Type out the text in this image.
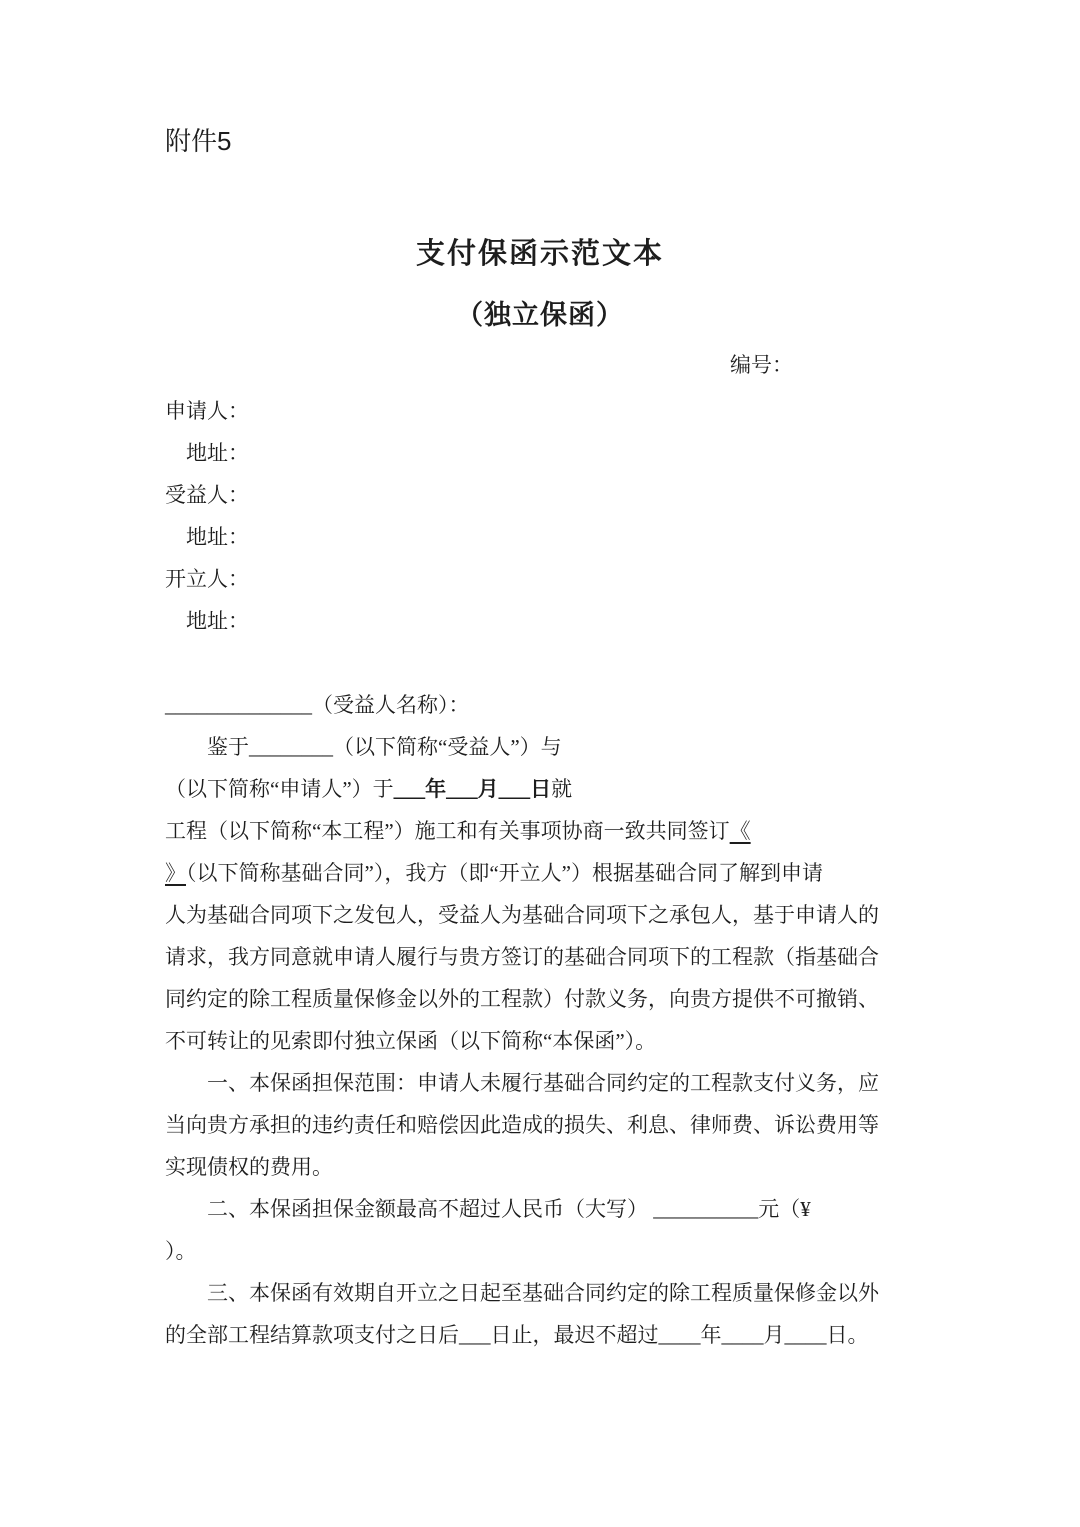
附件5
支付保函示范文本
（独立保函）
编号：
申请人：
地址：
受益人：
地址：
开立人：
地址：
______________（受益人名称）：
鉴于________（以下简称“受益人”）与
（以下简称“申请人”）于___年___月___日就
工程（以下简称“本工程”）施工和有关事项协商一致共同签订《
》（以下简称基础合同”），我方（即“开立人”）根据基础合同了解到申请
人为基础合同项下之发包人，受益人为基础合同项下之承包人，基于申请人的
请求，我方同意就申请人履行与贵方签订的基础合同项下的工程款（指基础合
同约定的除工程质量保修金以外的工程款）付款义务，向贵方提供不可撤销、
不可转让的见索即付独立保函（以下简称“本保函”）。
一、本保函担保范围：申请人未履行基础合同约定的工程款支付义务，应
当向贵方承担的违约责任和赔偿因此造成的损失、利息、律师费、诉讼费用等
实现债权的费用。
二、本保函担保金额最高不超过人民币（大写） __________元（¥
）。
三、本保函有效期自开立之日起至基础合同约定的除工程质量保修金以外
的全部工程结算款项支付之日后___日止，最迟不超过____年____月____日。
